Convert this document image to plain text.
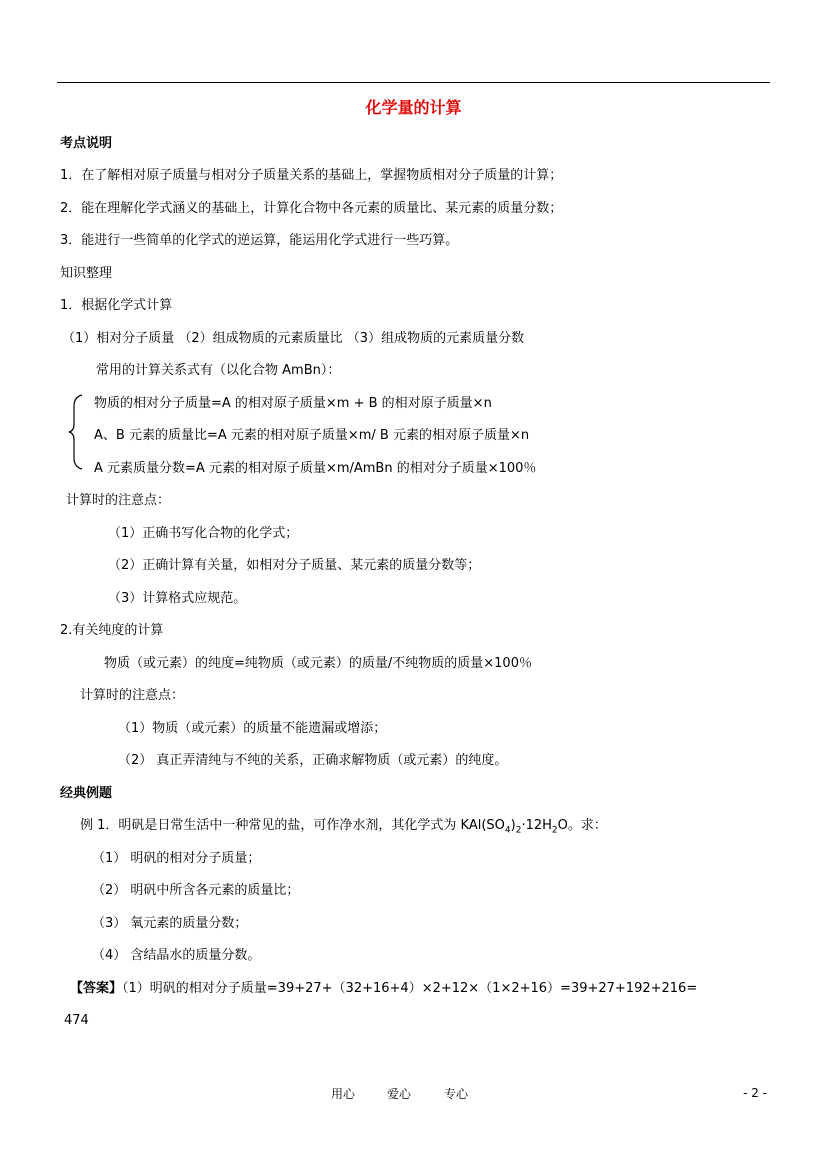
化学量的计算
考点说明
1．在了解相对原子质量与相对分子质量关系的基础上，掌握物质相对分子质量的计算；
2．能在理解化学式涵义的基础上，计算化合物中各元素的质量比、某元素的质量分数；
3．能进行一些简单的化学式的逆运算，能运用化学式进行一些巧算。
知识整理
1．根据化学式计算
（1）相对分子质量 （2）组成物质的元素质量比 （3）组成物质的元素质量分数
常用的计算关系式有（以化合物 AmBn）：
物质的相对分子质量=A 的相对原子质量×m + B 的相对原子质量×n
A、B 元素的质量比=A 元素的相对原子质量×m/ B 元素的相对原子质量×n
A 元素质量分数=A 元素的相对原子质量×m/AmBn 的相对分子质量×100％
计算时的注意点：
（1）正确书写化合物的化学式；
（2）正确计算有关量，如相对分子质量、某元素的质量分数等；
（3）计算格式应规范。
2.有关纯度的计算
物质（或元素）的纯度=纯物质（或元素）的质量/不纯物质的质量×100％
计算时的注意点：
（1）物质（或元素）的质量不能遗漏或增添；
（2） 真正弄清纯与不纯的关系，正确求解物质（或元素）的纯度。
经典例题
例 1．明矾是日常生活中一种常见的盐，可作净水剂，其化学式为 $KAl(SO_4)_2\cdot 12H_2O$。求：
（1） 明矾的相对分子质量；
（2） 明矾中所含各元素的质量比；
（3） 氧元素的质量分数；
（4） 含结晶水的质量分数。
【答案】（1）明矾的相对分子质量=39+27+（32+16+4）×2+12×（1×2+16）=39+27+192+216=
474
用心	爱心	专心	- 2 -
